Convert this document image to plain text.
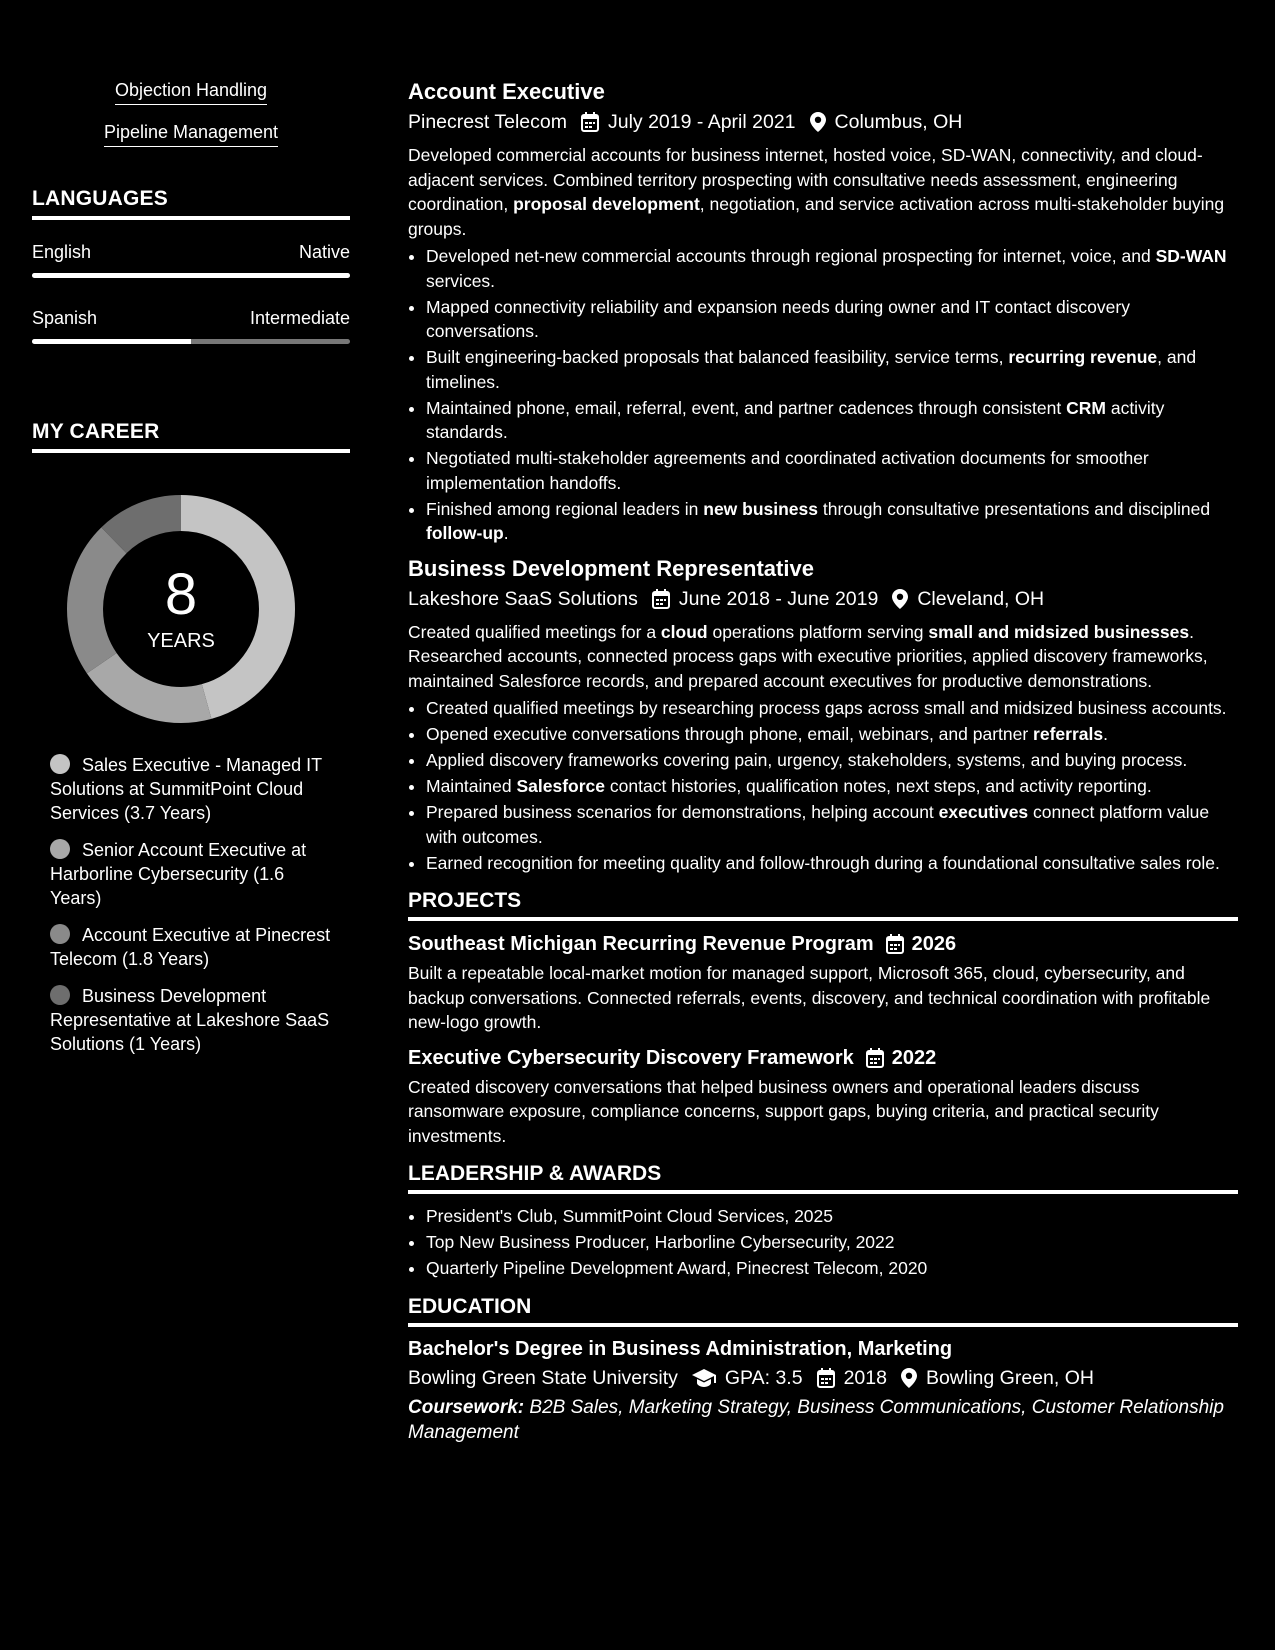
Objection Handling
Pipeline Management
LANGUAGES
English	Native
Spanish	Intermediate
MY CAREER
8
YEARS
Sales Executive - Managed IT Solutions at SummitPoint Cloud Services (3.7 Years)
Senior Account Executive at Harborline Cybersecurity (1.6 Years)
Account Executive at Pinecrest Telecom (1.8 Years)
Business Development Representative at Lakeshore SaaS Solutions (1 Years)
Account Executive
Pinecrest Telecom July 2019 - April 2021 Columbus, OH
Developed commercial accounts for business internet, hosted voice, SD-WAN, connectivity, and cloud-adjacent services. Combined territory prospecting with consultative needs assessment, engineering coordination, proposal development, negotiation, and service activation across multi-stakeholder buying groups.
• Developed net-new commercial accounts through regional prospecting for internet, voice, and SD-WAN services.
• Mapped connectivity reliability and expansion needs during owner and IT contact discovery conversations.
• Built engineering-backed proposals that balanced feasibility, service terms, recurring revenue, and timelines.
• Maintained phone, email, referral, event, and partner cadences through consistent CRM activity standards.
• Negotiated multi-stakeholder agreements and coordinated activation documents for smoother implementation handoffs.
• Finished among regional leaders in new business through consultative presentations and disciplined follow-up.
Business Development Representative
Lakeshore SaaS Solutions June 2018 - June 2019 Cleveland, OH
Created qualified meetings for a cloud operations platform serving small and midsized businesses. Researched accounts, connected process gaps with executive priorities, applied discovery frameworks, maintained Salesforce records, and prepared account executives for productive demonstrations.
• Created qualified meetings by researching process gaps across small and midsized business accounts.
• Opened executive conversations through phone, email, webinars, and partner referrals.
• Applied discovery frameworks covering pain, urgency, stakeholders, systems, and buying process.
• Maintained Salesforce contact histories, qualification notes, next steps, and activity reporting.
• Prepared business scenarios for demonstrations, helping account executives connect platform value with outcomes.
• Earned recognition for meeting quality and follow-through during a foundational consultative sales role.
PROJECTS
Southeast Michigan Recurring Revenue Program 2026
Built a repeatable local-market motion for managed support, Microsoft 365, cloud, cybersecurity, and backup conversations. Connected referrals, events, discovery, and technical coordination with profitable new-logo growth.
Executive Cybersecurity Discovery Framework 2022
Created discovery conversations that helped business owners and operational leaders discuss ransomware exposure, compliance concerns, support gaps, buying criteria, and practical security investments.
LEADERSHIP & AWARDS
• President's Club, SummitPoint Cloud Services, 2025
• Top New Business Producer, Harborline Cybersecurity, 2022
• Quarterly Pipeline Development Award, Pinecrest Telecom, 2020
EDUCATION
Bachelor's Degree in Business Administration, Marketing
Bowling Green State University GPA: 3.5 2018 Bowling Green, OH
Coursework: B2B Sales, Marketing Strategy, Business Communications, Customer Relationship Management
